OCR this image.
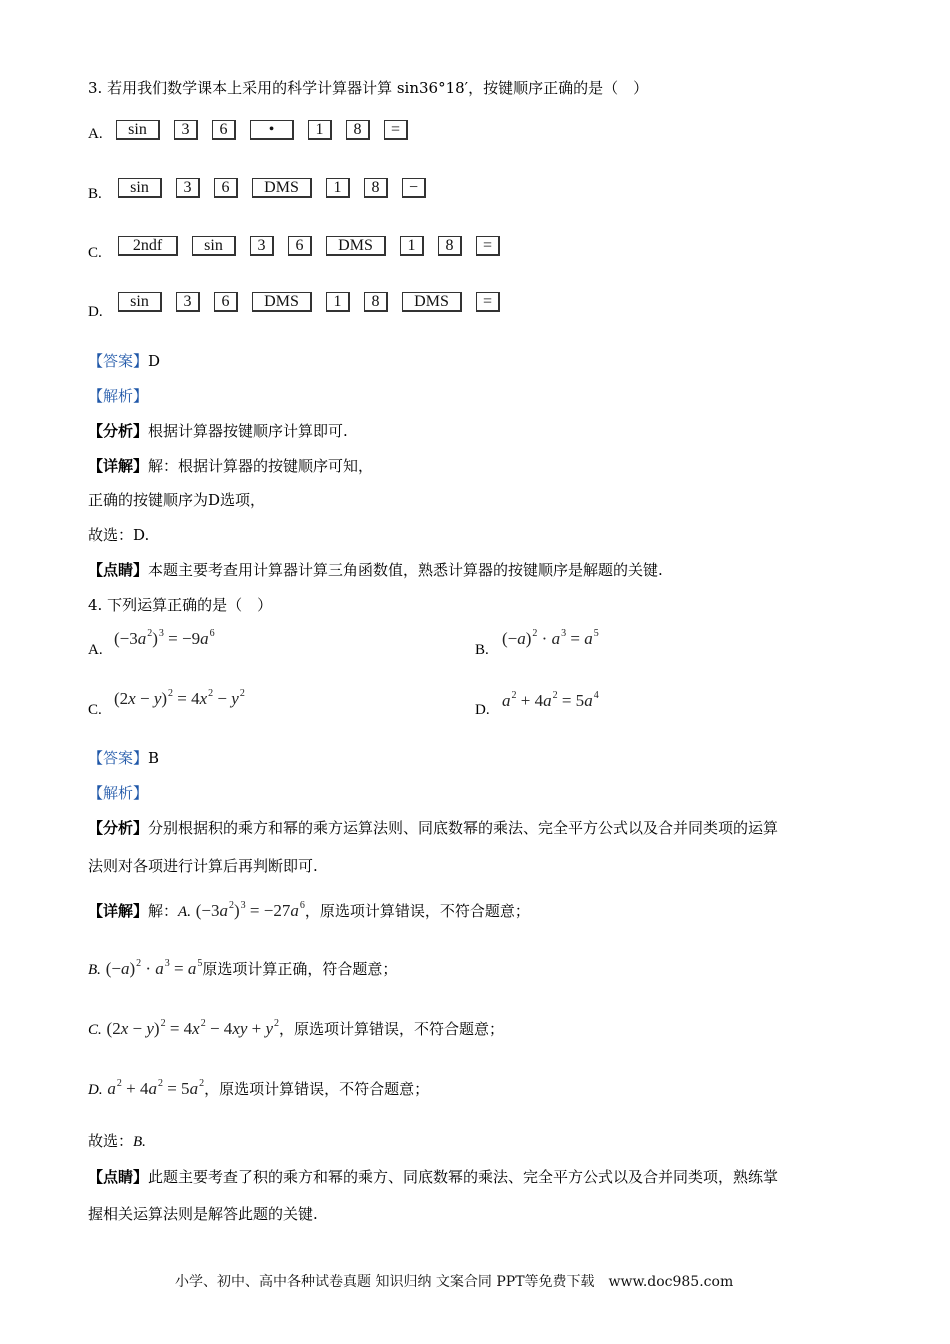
3. 若用我们数学课本上采用的科学计算器计算 sin36°18′，按键顺序正确的是（　）
A.	sin	3	6	•	1	8	=
B.	sin	3	6	DMS	1	8	−
C.	2ndf	sin	3	6	DMS	1	8	=
D.
sin	3	6	DMS	1	8	DMS	=
【答案】D
【解析】
【分析】根据计算器按键顺序计算即可.
【详解】解：根据计算器的按键顺序可知，
正确的按键顺序为D选项，
故选：D.
【点睛】本题主要考查用计算器计算三角函数值，熟悉计算器的按键顺序是解题的关键.
4. 下列运算正确的是（　）
A.
$(-3a^2)^3 = -9a^6$
B.
$(-a)^2 \cdot a^3 = a^5$
C.
$(2x - y)^2 = 4x^2 - y^2$
D. $a^2 + 4a^2 = 5a^4$
【答案】B
【解析】
【分析】分别根据积的乘方和幂的乘方运算法则、同底数幂的乘法、完全平方公式以及合并同类项的运算
法则对各项进行计算后再判断即可.
【详解】解：A. $(-3a^2)^3 = -27a^6$，原选项计算错误，不符合题意；
B. $(-a)^2 \cdot a^3 = a^5$原选项计算正确，符合题意；
C. $(2x - y)^2 = 4x^2 - 4xy + y^2$，原选项计算错误，不符合题意；
D. $a^2 + 4a^2 = 5a^2$，原选项计算错误，不符合题意；
故选：B.
【点睛】此题主要考查了积的乘方和幂的乘方、同底数幂的乘法、完全平方公式以及合并同类项，熟练掌
握相关运算法则是解答此题的关键.
小学、初中、高中各种试卷真题 知识归纳 文案合同 PPT等免费下载　www.doc985.com
